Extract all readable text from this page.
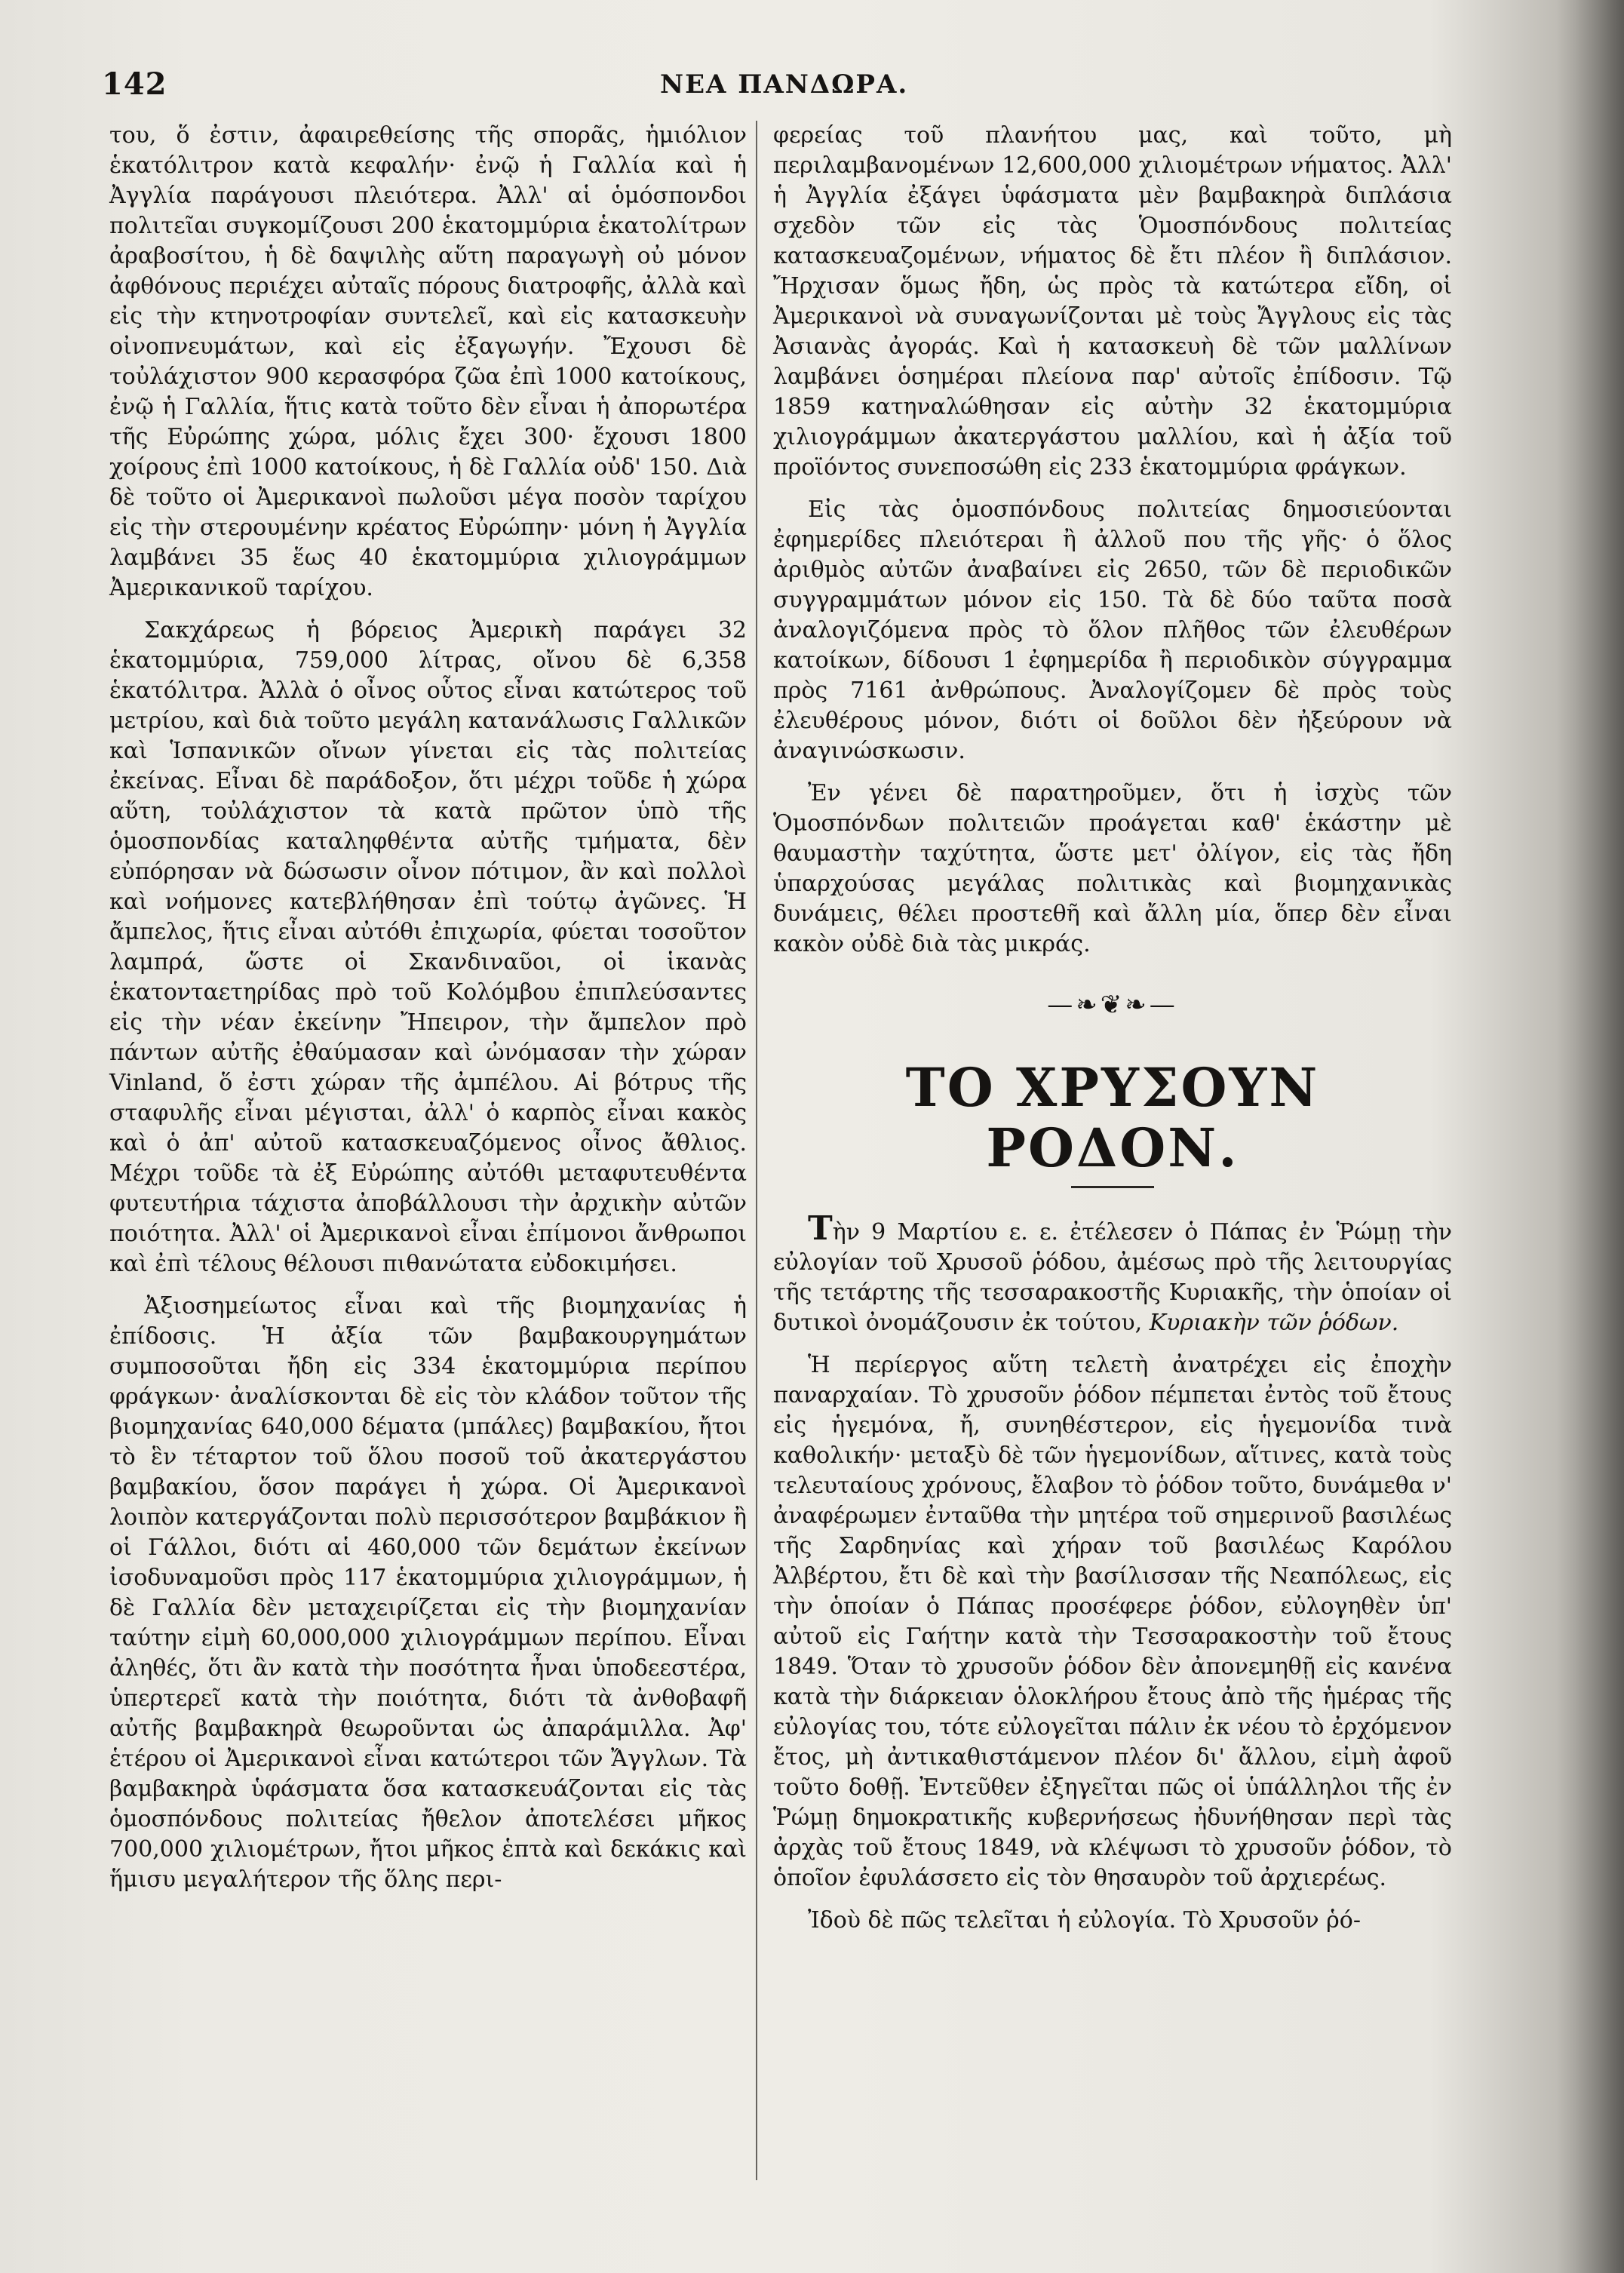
142	ΝΕΑ ΠΑΝΔΩΡΑ.

του, ὅ ἐστιν, ἀφαιρεθείσης τῆς σπορᾶς, ἡμιόλιον ἑκατόλιτρον κατὰ κεφαλήν· ἐνῷ ἡ Γαλλία καὶ ἡ Ἀγγλία παράγουσι πλειότερα. Ἀλλ' αἱ ὁμόσπονδοι πολιτεῖαι συγκομίζουσι 200 ἑκατομμύρια ἑκατολίτρων ἀραβοσίτου, ἡ δὲ δαψιλὴς αὕτη παραγωγὴ οὐ μόνον ἀφθόνους περιέχει αὐταῖς πόρους διατροφῆς, ἀλλὰ καὶ εἰς τὴν κτηνοτροφίαν συντελεῖ, καὶ εἰς κατασκευὴν οἰνοπνευμάτων, καὶ εἰς ἐξαγωγήν. Ἔχουσι δὲ τοὐλάχιστον 900 κερασφόρα ζῶα ἐπὶ 1000 κατοίκους, ἐνῷ ἡ Γαλλία, ἥτις κατὰ τοῦτο δὲν εἶναι ἡ ἀπορωτέρα τῆς Εὐρώπης χώρα, μόλις ἔχει 300· ἔχουσι 1800 χοίρους ἐπὶ 1000 κατοίκους, ἡ δὲ Γαλλία οὐδ' 150. Διὰ δὲ τοῦτο οἱ Ἀμερικανοὶ πωλοῦσι μέγα ποσὸν ταρίχου εἰς τὴν στερουμένην κρέατος Εὐρώπην· μόνη ἡ Ἀγγλία λαμβάνει 35 ἕως 40 ἑκατομμύρια χιλιογράμμων Ἀμερικανικοῦ ταρίχου.

Σακχάρεως ἡ βόρειος Ἀμερικὴ παράγει 32 ἑκατομμύρια, 759,000 λίτρας, οἴνου δὲ 6,358 ἑκατόλιτρα. Ἀλλὰ ὁ οἶνος οὗτος εἶναι κατώτερος τοῦ μετρίου, καὶ διὰ τοῦτο μεγάλη κατανάλωσις Γαλλικῶν καὶ Ἱσπανικῶν οἴνων γίνεται εἰς τὰς πολιτείας ἐκείνας. Εἶναι δὲ παράδοξον, ὅτι μέχρι τοῦδε ἡ χώρα αὕτη, τοὐλάχιστον τὰ κατὰ πρῶτον ὑπὸ τῆς ὁμοσπονδίας καταληφθέντα αὐτῆς τμήματα, δὲν εὐπόρησαν νὰ δώσωσιν οἶνον πότιμον, ἂν καὶ πολλοὶ καὶ νοήμονες κατεβλήθησαν ἐπὶ τούτῳ ἀγῶνες. Ἡ ἄμπελος, ἥτις εἶναι αὐτόθι ἐπιχωρία, φύεται τοσοῦτον λαμπρά, ὥστε οἱ Σκανδιναῦοι, οἱ ἱκανὰς ἑκατονταετηρίδας πρὸ τοῦ Κολόμβου ἐπιπλεύσαντες εἰς τὴν νέαν ἐκείνην Ἤπειρον, τὴν ἄμπελον πρὸ πάντων αὐτῆς ἐθαύμασαν καὶ ὠνόμασαν τὴν χώραν Vinland, ὅ ἐστι χώραν τῆς ἀμπέλου. Αἱ βότρυς τῆς σταφυλῆς εἶναι μέγισται, ἀλλ' ὁ καρπὸς εἶναι κακὸς καὶ ὁ ἀπ' αὐτοῦ κατασκευαζόμενος οἶνος ἄθλιος. Μέχρι τοῦδε τὰ ἐξ Εὐρώπης αὐτόθι μεταφυτευθέντα φυτευτήρια τάχιστα ἀποβάλλουσι τὴν ἀρχικὴν αὐτῶν ποιότητα. Ἀλλ' οἱ Ἀμερικανοὶ εἶναι ἐπίμονοι ἄνθρωποι καὶ ἐπὶ τέλους θέλουσι πιθανώτατα εὐδοκιμήσει.

Ἀξιοσημείωτος εἶναι καὶ τῆς βιομηχανίας ἡ ἐπίδοσις. Ἡ ἀξία τῶν βαμβακουργημάτων συμποσοῦται ἤδη εἰς 334 ἑκατομμύρια περίπου φράγκων· ἀναλίσκονται δὲ εἰς τὸν κλάδον τοῦτον τῆς βιομηχανίας 640,000 δέματα (μπάλες) βαμβακίου, ἤτοι τὸ ἓν τέταρτον τοῦ ὅλου ποσοῦ τοῦ ἀκατεργάστου βαμβακίου, ὅσον παράγει ἡ χώρα. Οἱ Ἀμερικανοὶ λοιπὸν κατεργάζονται πολὺ περισσότερον βαμβάκιον ἢ οἱ Γάλλοι, διότι αἱ 460,000 τῶν δεμάτων ἐκείνων ἰσοδυναμοῦσι πρὸς 117 ἑκατομμύρια χιλιογράμμων, ἡ δὲ Γαλλία δὲν μεταχειρίζεται εἰς τὴν βιομηχανίαν ταύτην εἰμὴ 60,000,000 χιλιογράμμων περίπου. Εἶναι ἀληθές, ὅτι ἂν κατὰ τὴν ποσότητα ἦναι ὑποδεεστέρα, ὑπερτερεῖ κατὰ τὴν ποιότητα, διότι τὰ ἀνθοβαφῆ αὐτῆς βαμβακηρὰ θεωροῦνται ὡς ἀπαράμιλλα. Ἀφ' ἑτέρου οἱ Ἀμερικανοὶ εἶναι κατώτεροι τῶν Ἄγγλων. Τὰ βαμβακηρὰ ὑφάσματα ὅσα κατασκευάζονται εἰς τὰς ὁμοσπόνδους πολιτείας ἤθελον ἀποτελέσει μῆκος 700,000 χιλιομέτρων, ἤτοι μῆκος ἑπτὰ καὶ δεκάκις καὶ ἥμισυ μεγαλήτερον τῆς ὅλης περι-

φερείας τοῦ πλανήτου μας, καὶ τοῦτο, μὴ περιλαμβανομένων 12,600,000 χιλιομέτρων νήματος. Ἀλλ' ἡ Ἀγγλία ἐξάγει ὑφάσματα μὲν βαμβακηρὰ διπλάσια σχεδὸν τῶν εἰς τὰς Ὁμοσπόνδους πολιτείας κατασκευαζομένων, νήματος δὲ ἔτι πλέον ἢ διπλάσιον. Ἤρχισαν ὅμως ἤδη, ὡς πρὸς τὰ κατώτερα εἴδη, οἱ Ἀμερικανοὶ νὰ συναγωνίζονται μὲ τοὺς Ἄγγλους εἰς τὰς Ἀσιανὰς ἀγοράς. Καὶ ἡ κατασκευὴ δὲ τῶν μαλλίνων λαμβάνει ὁσημέραι πλείονα παρ' αὐτοῖς ἐπίδοσιν. Τῷ 1859 κατηναλώθησαν εἰς αὐτὴν 32 ἑκατομμύρια χιλιογράμμων ἀκατεργάστου μαλλίου, καὶ ἡ ἀξία τοῦ προϊόντος συνεποσώθη εἰς 233 ἑκατομμύρια φράγκων.

Εἰς τὰς ὁμοσπόνδους πολιτείας δημοσιεύονται ἐφημερίδες πλειότεραι ἢ ἀλλοῦ που τῆς γῆς· ὁ ὅλος ἀριθμὸς αὐτῶν ἀναβαίνει εἰς 2650, τῶν δὲ περιοδικῶν συγγραμμάτων μόνον εἰς 150. Τὰ δὲ δύο ταῦτα ποσὰ ἀναλογιζόμενα πρὸς τὸ ὅλον πλῆθος τῶν ἐλευθέρων κατοίκων, δίδουσι 1 ἐφημερίδα ἢ περιοδικὸν σύγγραμμα πρὸς 7161 ἀνθρώπους. Ἀναλογίζομεν δὲ πρὸς τοὺς ἐλευθέρους μόνον, διότι οἱ δοῦλοι δὲν ἠξεύρουν νὰ ἀναγινώσκωσιν.

Ἐν γένει δὲ παρατηροῦμεν, ὅτι ἡ ἰσχὺς τῶν Ὁμοσπόνδων πολιτειῶν προάγεται καθ' ἑκάστην μὲ θαυμαστὴν ταχύτητα, ὥστε μετ' ὀλίγον, εἰς τὰς ἤδη ὑπαρχούσας μεγάλας πολιτικὰς καὶ βιομηχανικὰς δυνάμεις, θέλει προστεθῆ καὶ ἄλλη μία, ὅπερ δὲν εἶναι κακὸν οὐδὲ διὰ τὰς μικράς.

—❧❦❧—
ΤΟ ΧΡΥΣΟΥΝ ΡΟΔΟΝ.

Τὴν 9 Μαρτίου ε. ε. ἐτέλεσεν ὁ Πάπας ἐν Ῥώμῃ τὴν εὐλογίαν τοῦ Χρυσοῦ ῥόδου, ἀμέσως πρὸ τῆς λειτουργίας τῆς τετάρτης τῆς τεσσαρακοστῆς Κυριακῆς, τὴν ὁποίαν οἱ δυτικοὶ ὀνομάζουσιν ἐκ τούτου, Κυριακὴν τῶν ῥόδων.

Ἡ περίεργος αὕτη τελετὴ ἀνατρέχει εἰς ἐποχὴν παναρχαίαν. Τὸ χρυσοῦν ῥόδον πέμπεται ἐντὸς τοῦ ἔτους εἰς ἡγεμόνα, ἤ, συνηθέστερον, εἰς ἡγεμονίδα τινὰ καθολικήν· μεταξὺ δὲ τῶν ἡγεμονίδων, αἵτινες, κατὰ τοὺς τελευταίους χρόνους, ἔλαβον τὸ ῥόδον τοῦτο, δυνάμεθα ν' ἀναφέρωμεν ἐνταῦθα τὴν μητέρα τοῦ σημερινοῦ βασιλέως τῆς Σαρδηνίας καὶ χήραν τοῦ βασιλέως Καρόλου Ἀλβέρτου, ἔτι δὲ καὶ τὴν βασίλισσαν τῆς Νεαπόλεως, εἰς τὴν ὁποίαν ὁ Πάπας προσέφερε ῥόδον, εὐλογηθὲν ὑπ' αὐτοῦ εἰς Γαήτην κατὰ τὴν Τεσσαρακοστὴν τοῦ ἔτους 1849. Ὅταν τὸ χρυσοῦν ῥόδον δὲν ἀπονεμηθῇ εἰς κανένα κατὰ τὴν διάρκειαν ὁλοκλήρου ἔτους ἀπὸ τῆς ἡμέρας τῆς εὐλογίας του, τότε εὐλογεῖται πάλιν ἐκ νέου τὸ ἐρχόμενον ἔτος, μὴ ἀντικαθιστάμενον πλέον δι' ἄλλου, εἰμὴ ἀφοῦ τοῦτο δοθῇ. Ἐντεῦθεν ἐξηγεῖται πῶς οἱ ὑπάλληλοι τῆς ἐν Ῥώμῃ δημοκρατικῆς κυβερνήσεως ἠδυνήθησαν περὶ τὰς ἀρχὰς τοῦ ἔτους 1849, νὰ κλέψωσι τὸ χρυσοῦν ῥόδον, τὸ ὁποῖον ἐφυλάσσετο εἰς τὸν θησαυρὸν τοῦ ἀρχιερέως.

Ἰδοὺ δὲ πῶς τελεῖται ἡ εὐλογία. Τὸ Χρυσοῦν ῥό-
